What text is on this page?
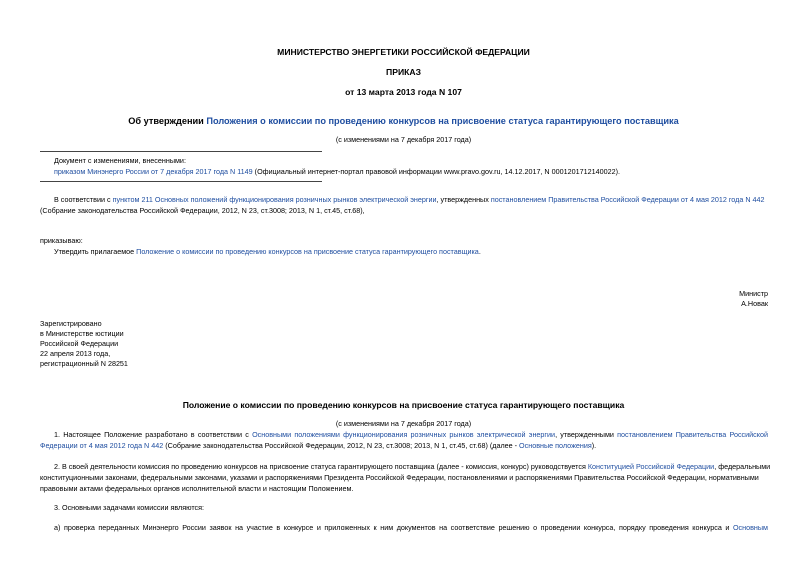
МИНИСТЕРСТВО ЭНЕРГЕТИКИ РОССИЙСКОЙ ФЕДЕРАЦИИ
ПРИКАЗ
от 13 марта 2013 года N 107
Об утверждении Положения о комиссии по проведению конкурсов на присвоение статуса гарантирующего поставщика
(с изменениями на 7 декабря 2017 года)
Документ с изменениями, внесенными:
приказом Минэнерго России от 7 декабря 2017 года N 1149 (Официальный интернет-портал правовой информации www.pravo.gov.ru, 14.12.2017, N 0001201712140022).
В соответствии с пунктом 211 Основных положений функционирования розничных рынков электрической энергии, утвержденных постановлением Правительства Российской Федерации от 4 мая 2012 года N 442
(Собрание законодательства Российской Федерации, 2012, N 23, ст.3008; 2013, N 1, ст.45, ст.68),
приказываю:
Утвердить прилагаемое Положение о комиссии по проведению конкурсов на присвоение статуса гарантирующего поставщика.
Министр
А.Новак
Зарегистрировано
в Министерстве юстиции
Российской Федерации
22 апреля 2013 года,
регистрационный N 28251
Положение о комиссии по проведению конкурсов на присвоение статуса гарантирующего поставщика
(с изменениями на 7 декабря 2017 года)
1. Настоящее Положение разработано в соответствии с Основными положениями функционирования розничных рынков электрической энергии, утвержденными постановлением Правительства Российской
Федерации от 4 мая 2012 года N 442 (Собрание законодательства Российской Федерации, 2012, N 23, ст.3008; 2013, N 1, ст.45, ст.68) (далее - Основные положения).
2. В своей деятельности комиссия по проведению конкурсов на присвоение статуса гарантирующего поставщика (далее - комиссия, конкурс) руководствуется Конституцией Российской Федерации, федеральными
конституционными законами, федеральными законами, указами и распоряжениями Президента Российской Федерации, постановлениями и распоряжениями Правительства Российской Федерации, нормативными
правовыми актами федеральных органов исполнительной власти и настоящим Положением.
3. Основными задачами комиссии являются:
а) проверка переданных Минэнерго России заявок на участие в конкурсе и приложенных к ним документов на соответствие решению о проведении конкурса, порядку проведения конкурса и Основным
